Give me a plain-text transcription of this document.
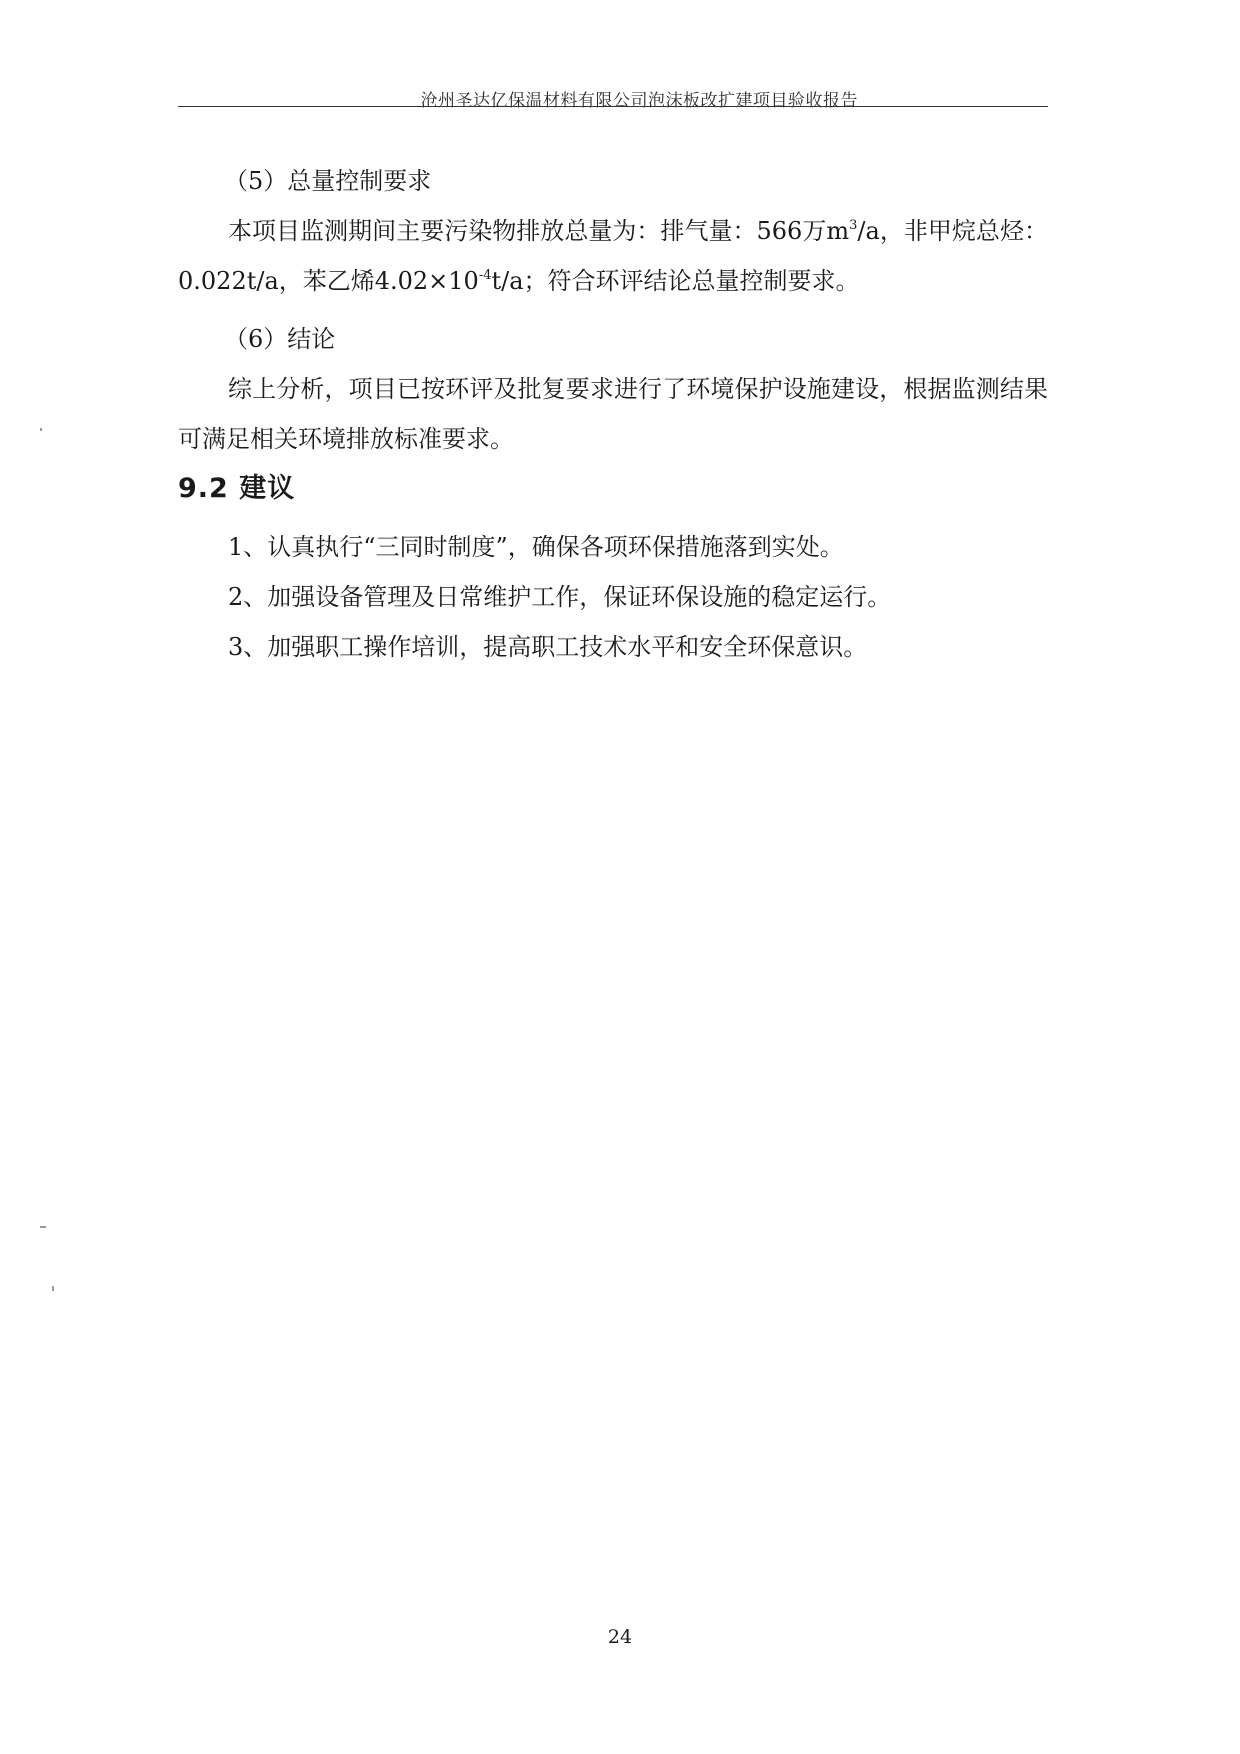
沧州圣达亿保温材料有限公司泡沫板改扩建项目验收报告
（5）总量控制要求
本项目监测期间主要污染物排放总量为：排气量：566万$m^3/a$，非甲烷总烃：0.022t/a，苯乙烯$4.02\times 10^{-4}t/a$；符合环评结论总量控制要求。
（6）结论
综上分析，项目已按环评及批复要求进行了环境保护设施建设，根据监测结果可满足相关环境排放标准要求。
9.2 建议
1、认真执行“三同时制度”，确保各项环保措施落到实处。
2、加强设备管理及日常维护工作，保证环保设施的稳定运行。
3、加强职工操作培训，提高职工技术水平和安全环保意识。
24
